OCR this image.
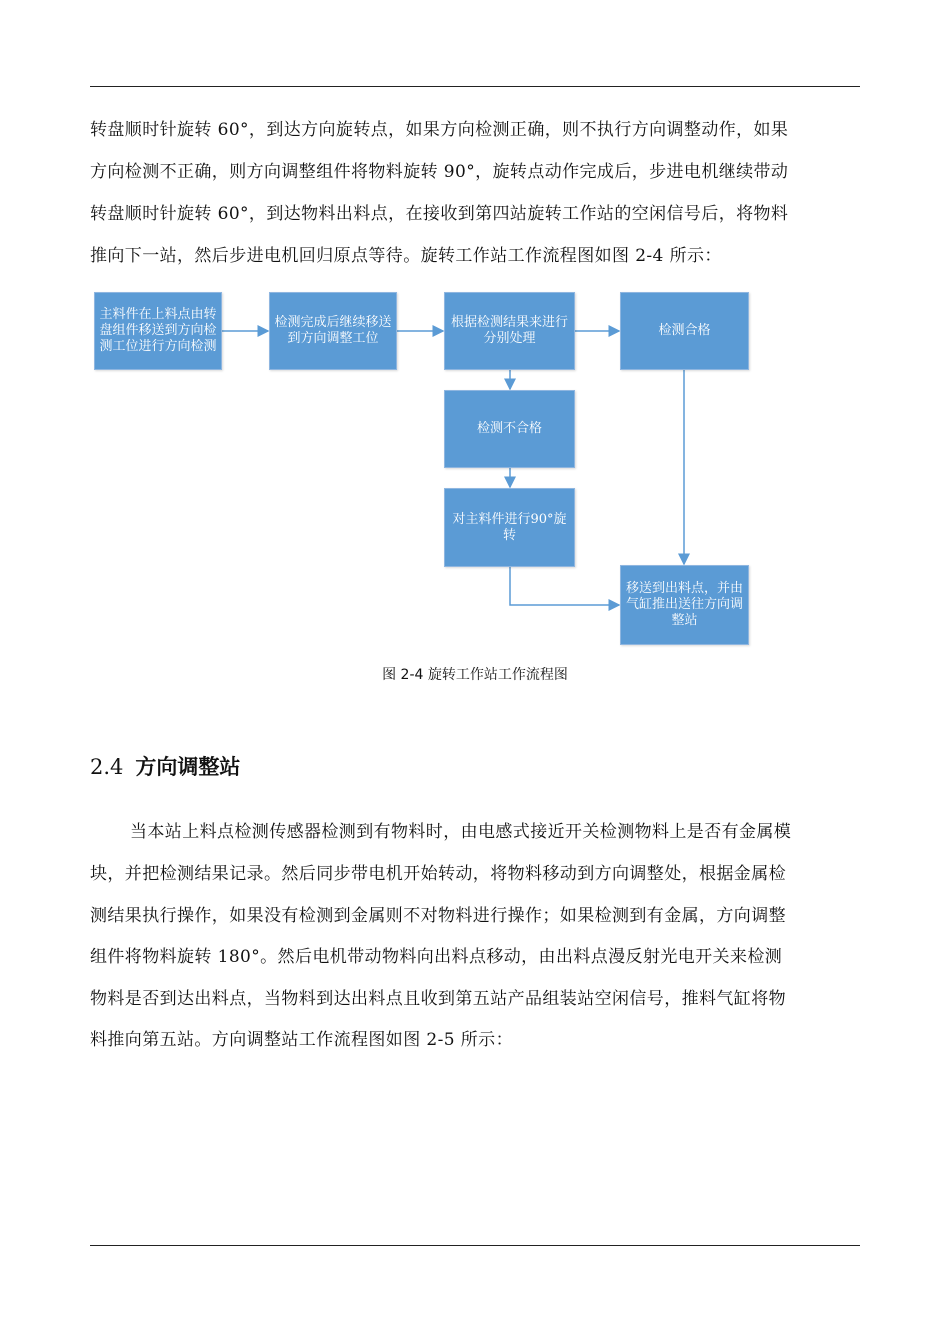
转盘顺时针旋转 60°，到达方向旋转点，如果方向检测正确，则不执行方向调整动作，如果
方向检测不正确，则方向调整组件将物料旋转 90°，旋转点动作完成后，步进电机继续带动
转盘顺时针旋转 60°，到达物料出料点，在接收到第四站旋转工作站的空闲信号后，将物料
推向下一站，然后步进电机回归原点等待。旋转工作站工作流程图如图 2-4 所示：
主料件在上料点由转盘组件移送到方向检测工位进行方向检测
检测完成后继续移送到方向调整工位
根据检测结果来进行分别处理
检测合格
检测不合格
对主料件进行90°旋转
移送到出料点，并由气缸推出送往方向调整站
图 2-4 旋转工作站工作流程图
2.4 方向调整站
当本站上料点检测传感器检测到有物料时，由电感式接近开关检测物料上是否有金属模
块，并把检测结果记录。然后同步带电机开始转动，将物料移动到方向调整处，根据金属检
测结果执行操作，如果没有检测到金属则不对物料进行操作；如果检测到有金属，方向调整
组件将物料旋转 180°。然后电机带动物料向出料点移动，由出料点漫反射光电开关来检测
物料是否到达出料点，当物料到达出料点且收到第五站产品组装站空闲信号，推料气缸将物
料推向第五站。方向调整站工作流程图如图 2-5 所示：
